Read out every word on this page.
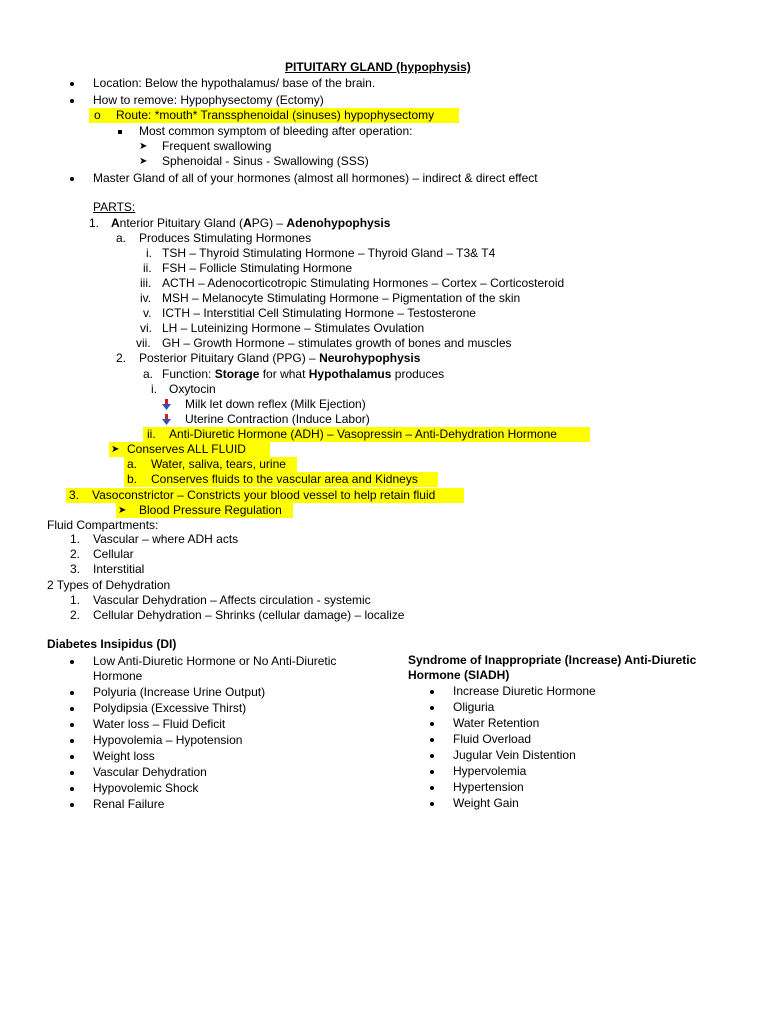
PITUITARY GLAND (hypophysis)
Location: Below the hypothalamus/ base of the brain.
How to remove: Hypophysectomy (Ectomy)
o Route: *mouth* Transsphenoidal (sinuses) hypophysectomy
Most common symptom of bleeding after operation:
➤ Frequent swallowing
➤ Sphenoidal - Sinus - Swallowing (SSS)
Master Gland of all of your hormones (almost all hormones) – indirect & direct effect
PARTS:
1. Anterior Pituitary Gland (APG) – Adenohypophysis
a. Produces Stimulating Hormones
i. TSH – Thyroid Stimulating Hormone – Thyroid Gland – T3& T4
ii. FSH – Follicle Stimulating Hormone
iii. ACTH – Adenocorticotropic Stimulating Hormones – Cortex – Corticosteroid
iv. MSH – Melanocyte Stimulating Hormone – Pigmentation of the skin
v. ICTH – Interstitial Cell Stimulating Hormone – Testosterone
vi. LH – Luteinizing Hormone – Stimulates Ovulation
vii. GH – Growth Hormone – stimulates growth of bones and muscles
2. Posterior Pituitary Gland (PPG) – Neurohypophysis
a. Function: Storage for what Hypothalamus produces
i. Oxytocin
Milk let down reflex (Milk Ejection)
Uterine Contraction (Induce Labor)
ii. Anti-Diuretic Hormone (ADH) – Vasopressin – Anti-Dehydration Hormone
➤ Conserves ALL FLUID
a. Water, saliva, tears, urine
b. Conserves fluids to the vascular area and Kidneys
3. Vasoconstrictor – Constricts your blood vessel to help retain fluid
➤ Blood Pressure Regulation
Fluid Compartments:
1. Vascular – where ADH acts
2. Cellular
3. Interstitial
2 Types of Dehydration
1. Vascular Dehydration – Affects circulation - systemic
2. Cellular Dehydration – Shrinks (cellular damage) – localize
Diabetes Insipidus (DI)
Low Anti-Diuretic Hormone or No Anti-Diuretic
Hormone
Polyuria (Increase Urine Output)
Polydipsia (Excessive Thirst)
Water loss – Fluid Deficit
Hypovolemia – Hypotension
Weight loss
Vascular Dehydration
Hypovolemic Shock
Renal Failure
Syndrome of Inappropriate (Increase) Anti-Diuretic
Hormone (SIADH)
Increase Diuretic Hormone
Oliguria
Water Retention
Fluid Overload
Jugular Vein Distention
Hypervolemia
Hypertension
Weight Gain
